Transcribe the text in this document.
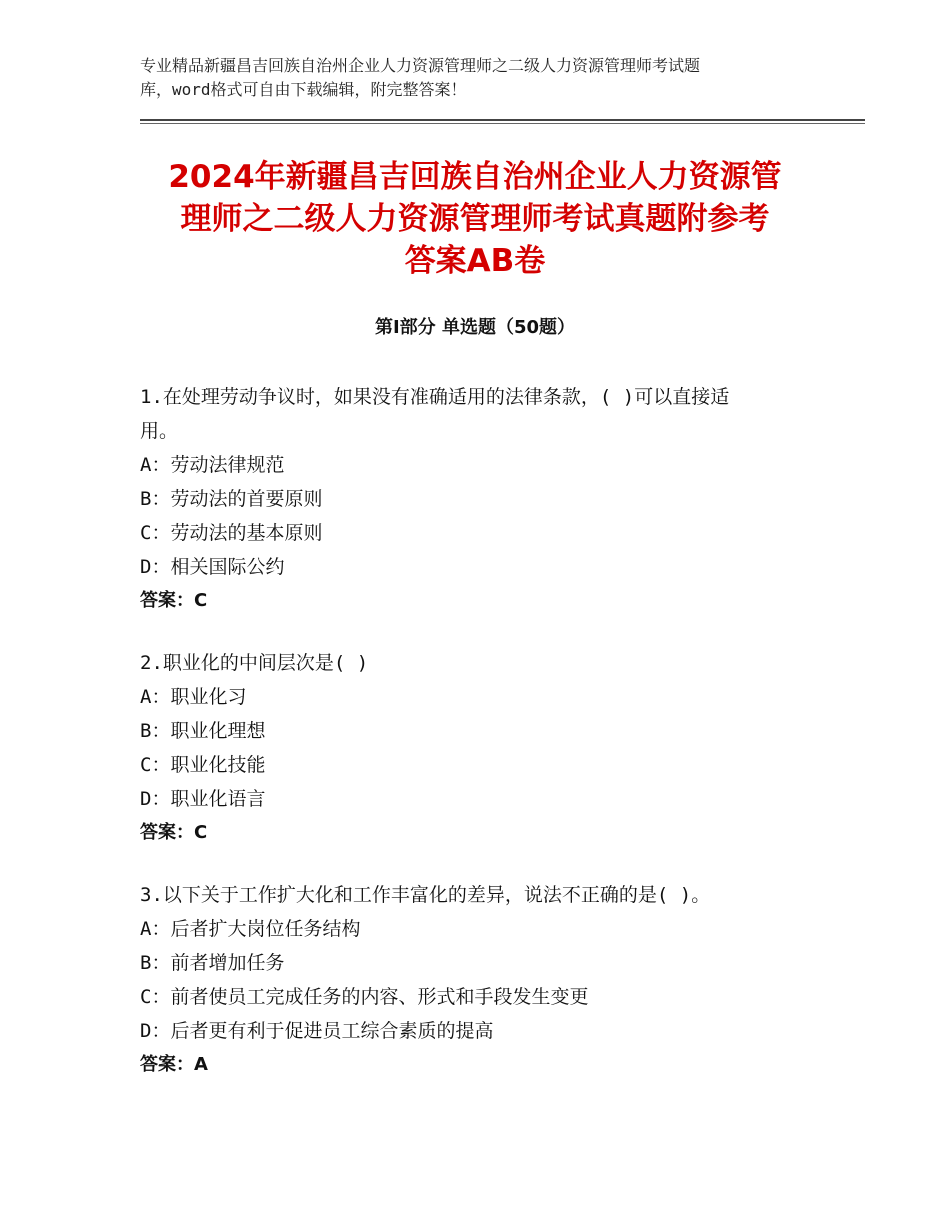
专业精品新疆昌吉回族自治州企业人力资源管理师之二级人力资源管理师考试题
库，word格式可自由下载编辑，附完整答案！
2024年新疆昌吉回族自治州企业人力资源管
理师之二级人力资源管理师考试真题附参考
答案AB卷
第Ⅰ部分 单选题（50题）
1.在处理劳动争议时，如果没有准确适用的法律条款，( )可以直接适
用。
A：劳动法律规范
B：劳动法的首要原则
C：劳动法的基本原则
D：相关国际公约
答案：C
2.职业化的中间层次是( )
A：职业化习
B：职业化理想
C：职业化技能
D：职业化语言
答案：C
3.以下关于工作扩大化和工作丰富化的差异，说法不正确的是( )。
A：后者扩大岗位任务结构
B：前者增加任务
C：前者使员工完成任务的内容、形式和手段发生变更
D：后者更有利于促进员工综合素质的提高
答案：A
